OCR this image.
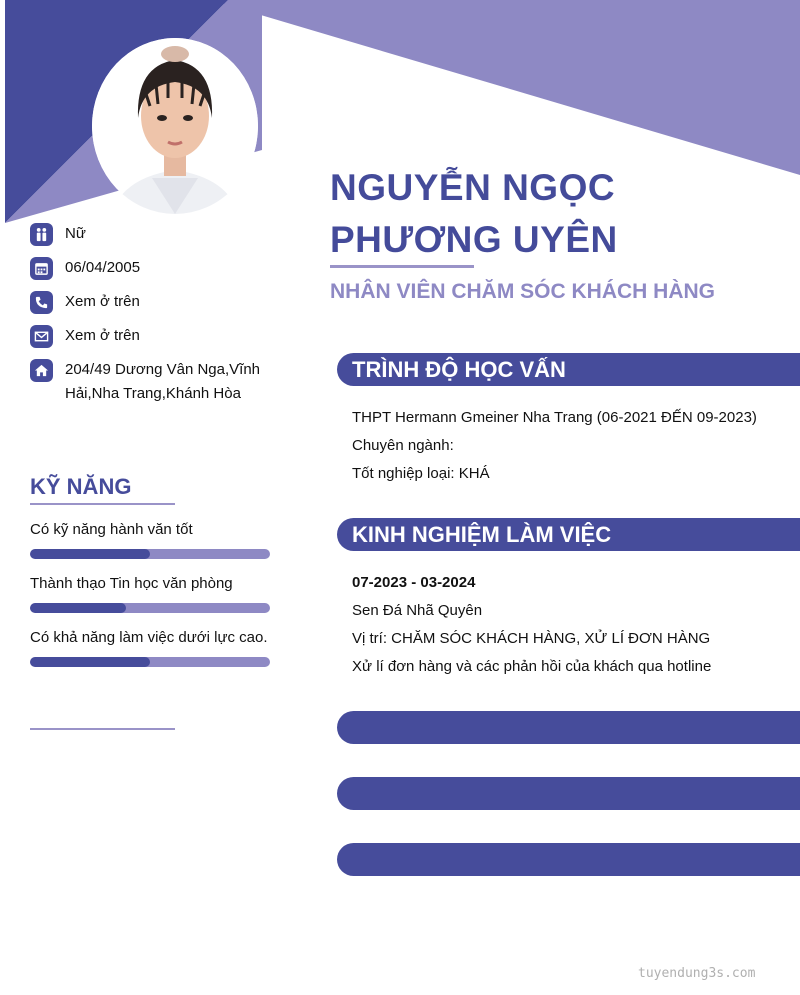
NGUYỄN NGỌC
PHƯƠNG UYÊN
NHÂN VIÊN CHĂM SÓC KHÁCH HÀNG
Nữ
06/04/2005
Xem ở trên
Xem ở trên
204/49 Dương Vân Nga,Vĩnh Hải,Nha Trang,Khánh Hòa
KỸ NĂNG
Có kỹ năng hành văn tốt
Thành thạo Tin học văn phòng
Có khả năng làm việc dưới lực cao.
TRÌNH ĐỘ HỌC VẤN
THPT Hermann Gmeiner Nha Trang (06-2021 ĐẾN 09-2023)
Chuyên ngành:
Tốt nghiệp loại: KHÁ
KINH NGHIỆM LÀM VIỆC
07-2023 - 03-2024
Sen Đá Nhã Quyên
Vị trí: CHĂM SÓC KHÁCH HÀNG, XỬ LÍ ĐƠN HÀNG
Xử lí đơn hàng và các phản hồi của khách qua hotline
tuyendung3s.com
